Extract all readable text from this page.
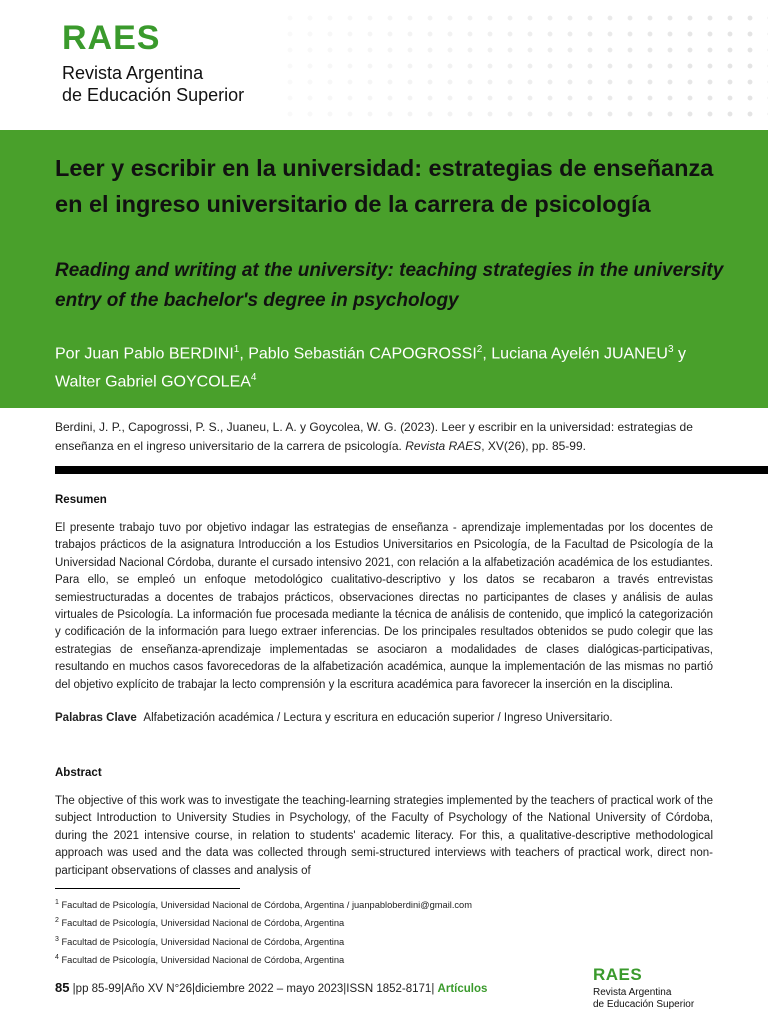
RAES
Revista Argentina
de Educación Superior
Leer y escribir en la universidad: estrategias de enseñanza en el ingreso universitario de la carrera de psicología
Reading and writing at the university: teaching strategies in the university entry of the bachelor's degree in psychology
Por Juan Pablo BERDINI$^1$, Pablo Sebastián CAPOGROSSI$^2$, Luciana Ayelén JUANEU$^3$ y Walter Gabriel GOYCOLEA$^4$
Berdini, J. P., Capogrossi, P. S., Juaneu, L. A. y Goycolea, W. G. (2023). Leer y escribir en la universidad: estrategias de enseñanza en el ingreso universitario de la carrera de psicología. Revista RAES, XV(26), pp. 85-99.
Resumen
El presente trabajo tuvo por objetivo indagar las estrategias de enseñanza - aprendizaje implementadas por los docentes de trabajos prácticos de la asignatura Introducción a los Estudios Universitarios en Psicología, de la Facultad de Psicología de la Universidad Nacional Córdoba, durante el cursado intensivo 2021, con relación a la alfabetización académica de los estudiantes. Para ello, se empleó un enfoque metodológico cualitativo-descriptivo y los datos se recabaron a través entrevistas semiestructuradas a docentes de trabajos prácticos, observaciones directas no participantes de clases y análisis de aulas virtuales de Psicología. La información fue procesada mediante la técnica de análisis de contenido, que implicó la categorización y codificación de la información para luego extraer inferencias. De los principales resultados obtenidos se pudo colegir que las estrategias de enseñanza-aprendizaje implementadas se asociaron a modalidades de clases dialógicas-participativas, resultando en muchos casos favorecedoras de la alfabetización académica, aunque la implementación de las mismas no partió del objetivo explícito de trabajar la lecto comprensión y la escritura académica para favorecer la inserción en la disciplina.
Palabras Clave Alfabetización académica / Lectura y escritura en educación superior / Ingreso Universitario.
Abstract
The objective of this work was to investigate the teaching-learning strategies implemented by the teachers of practical work of the subject Introduction to University Studies in Psychology, of the Faculty of Psychology of the National University of Córdoba, during the 2021 intensive course, in relation to students' academic literacy. For this, a qualitative-descriptive methodological approach was used and the data was collected through semi-structured interviews with teachers of practical work, direct non-participant observations of classes and analysis of
$^1$ Facultad de Psicología, Universidad Nacional de Córdoba, Argentina / juanpabloberdini@gmail.com
$^2$ Facultad de Psicología, Universidad Nacional de Córdoba, Argentina
$^3$ Facultad de Psicología, Universidad Nacional de Córdoba, Argentina
$^4$ Facultad de Psicología, Universidad Nacional de Córdoba, Argentina
85 |pp 85-99|Año XV N°26|diciembre 2022 – mayo 2023|ISSN 1852-8171| Artículos
RAES
Revista Argentina
de Educación Superior
